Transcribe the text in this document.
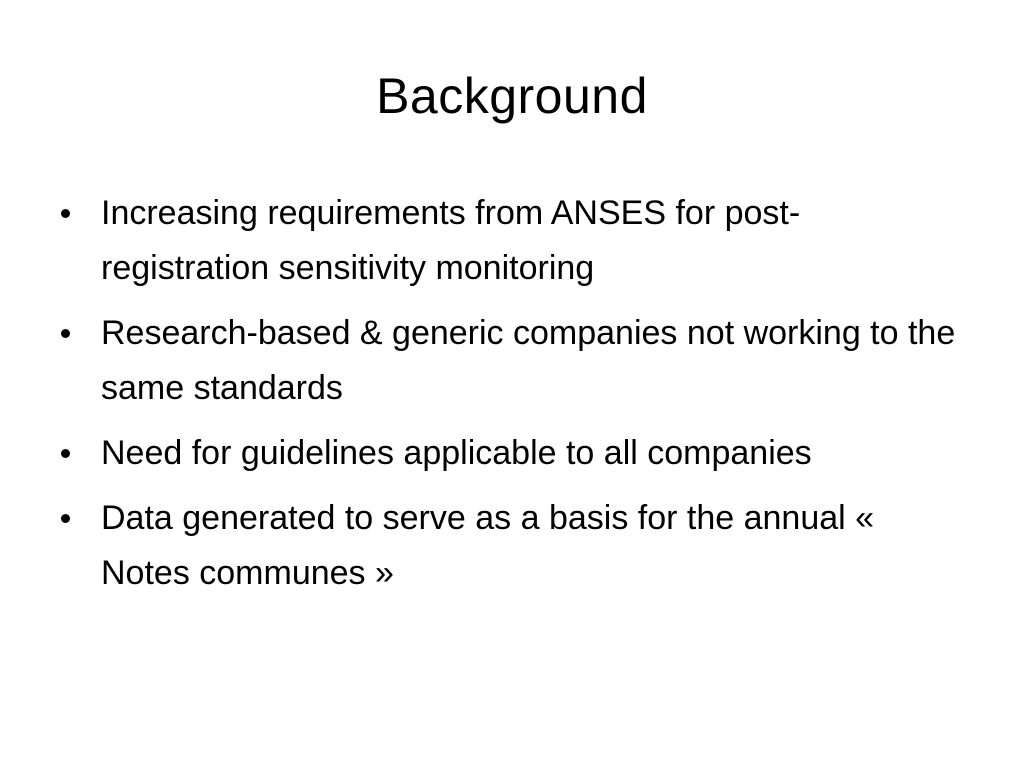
Background
Increasing requirements from ANSES for post-registration sensitivity monitoring
Research-based & generic companies not working to the same standards
Need for guidelines applicable to all companies
Data generated to serve as a basis for the annual « Notes communes »
